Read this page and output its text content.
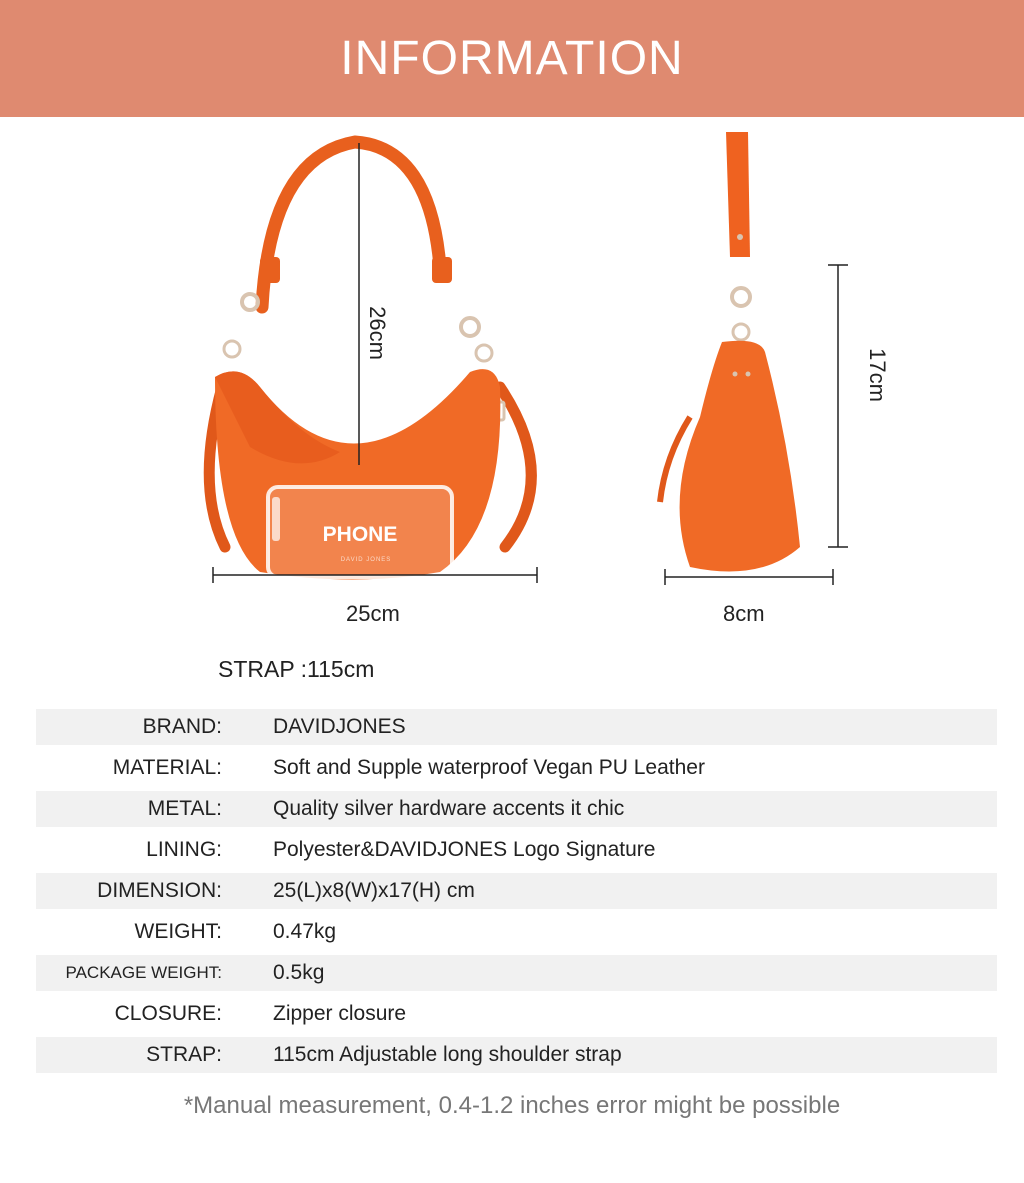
INFORMATION
PHONE
DAVID JONES
26cm
25cm	8cm
17cm
STRAP :115cm
BRAND: DAVIDJONES
MATERIAL: Soft and Supple waterproof Vegan PU Leather
METAL: Quality silver hardware accents it chic
LINING: Polyester&DAVIDJONES Logo Signature
DIMENSION: 25(L)x8(W)x17(H) cm
WEIGHT: 0.47kg
PACKAGE WEIGHT: 0.5kg
CLOSURE: Zipper closure
STRAP: 115cm Adjustable long shoulder strap
*Manual measurement, 0.4-1.2 inches error might be possible
